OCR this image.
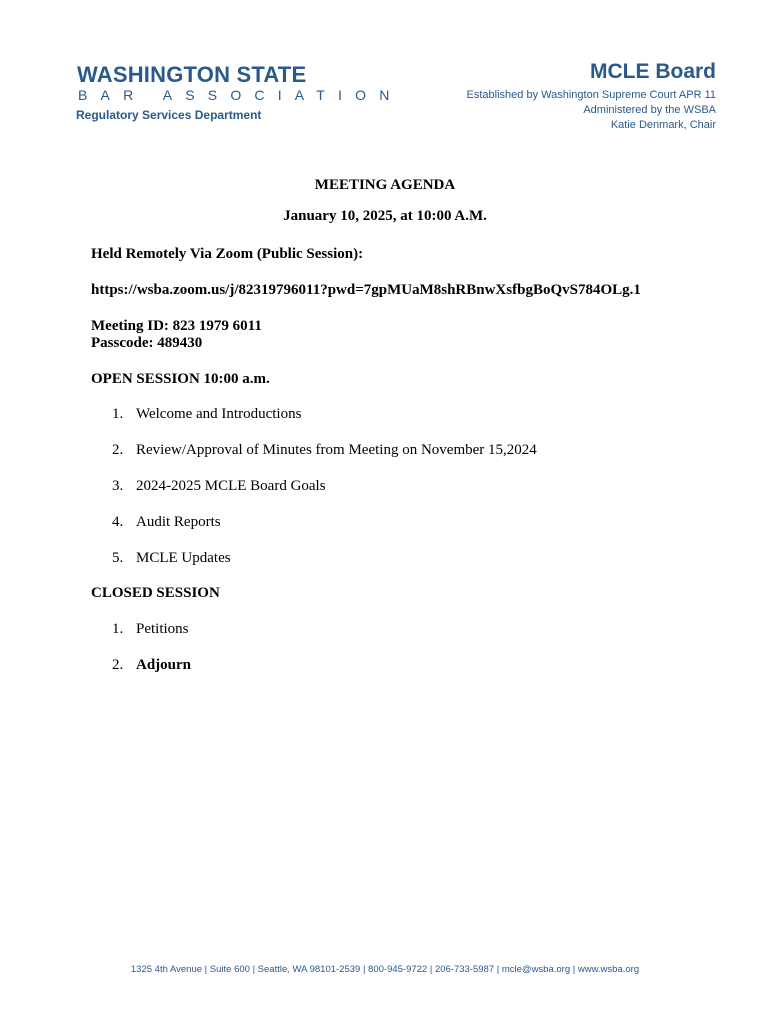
WASHINGTON STATE
BAR ASSOCIATION
Regulatory Services Department
MCLE Board
Established by Washington Supreme Court APR 11
Administered by the WSBA
Katie Denmark, Chair
MEETING AGENDA
January 10, 2025, at 10:00 A.M.
Held Remotely Via Zoom (Public Session):
https://wsba.zoom.us/j/82319796011?pwd=7gpMUaM8shRBnwXsfbgBoQvS784OLg.1
Meeting ID: 823 1979 6011
Passcode: 489430
OPEN SESSION 10:00 a.m.
1. Welcome and Introductions
2. Review/Approval of Minutes from Meeting on November 15,2024
3. 2024-2025 MCLE Board Goals
4. Audit Reports
5. MCLE Updates
CLOSED SESSION
1. Petitions
2. Adjourn
1325 4th Avenue | Suite 600 | Seattle, WA 98101-2539 | 800-945-9722 | 206-733-5987 | mcle@wsba.org | www.wsba.org
